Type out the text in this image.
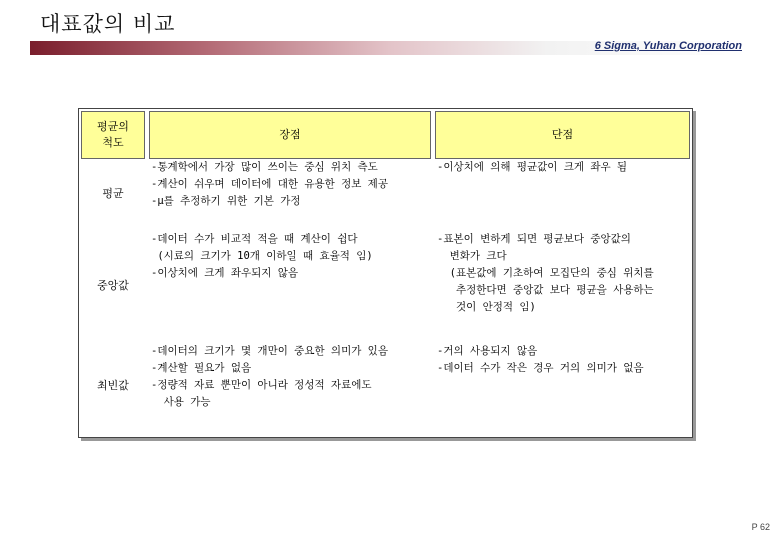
대표값의 비교
6 Sigma, Yuhan Corporation
평균의
척도
장점	단점
평균
-통계학에서 가장 많이 쓰이는 중심 위치 측도
-계산이 쉬우며 데이터에 대한 유용한 정보 제공
-μ를 추정하기 위한 기본 가정
-이상치에 의해 평균값이 크게 좌우 됨
중앙값
-데이터 수가 비교적 적을 때 계산이 쉽다
(시료의 크기가 10개 이하일 때 효율적 임)
-이상치에 크게 좌우되지 않음
-표본이 변하게 되면 평균보다 중앙값의
변화가 크다
(표본값에 기초하여 모집단의 중심 위치를
추정한다면 중앙값 보다 평균을 사용하는
것이 안정적 임)
최빈값
-데이터의 크기가 몇 개만이 중요한 의미가 있음
-계산할 필요가 없음
-정량적 자료 뿐만이 아니라 정성적 자료에도
사용 가능
-거의 사용되지 않음
-데이터 수가 작은 경우 거의 의미가 없음
P 62
